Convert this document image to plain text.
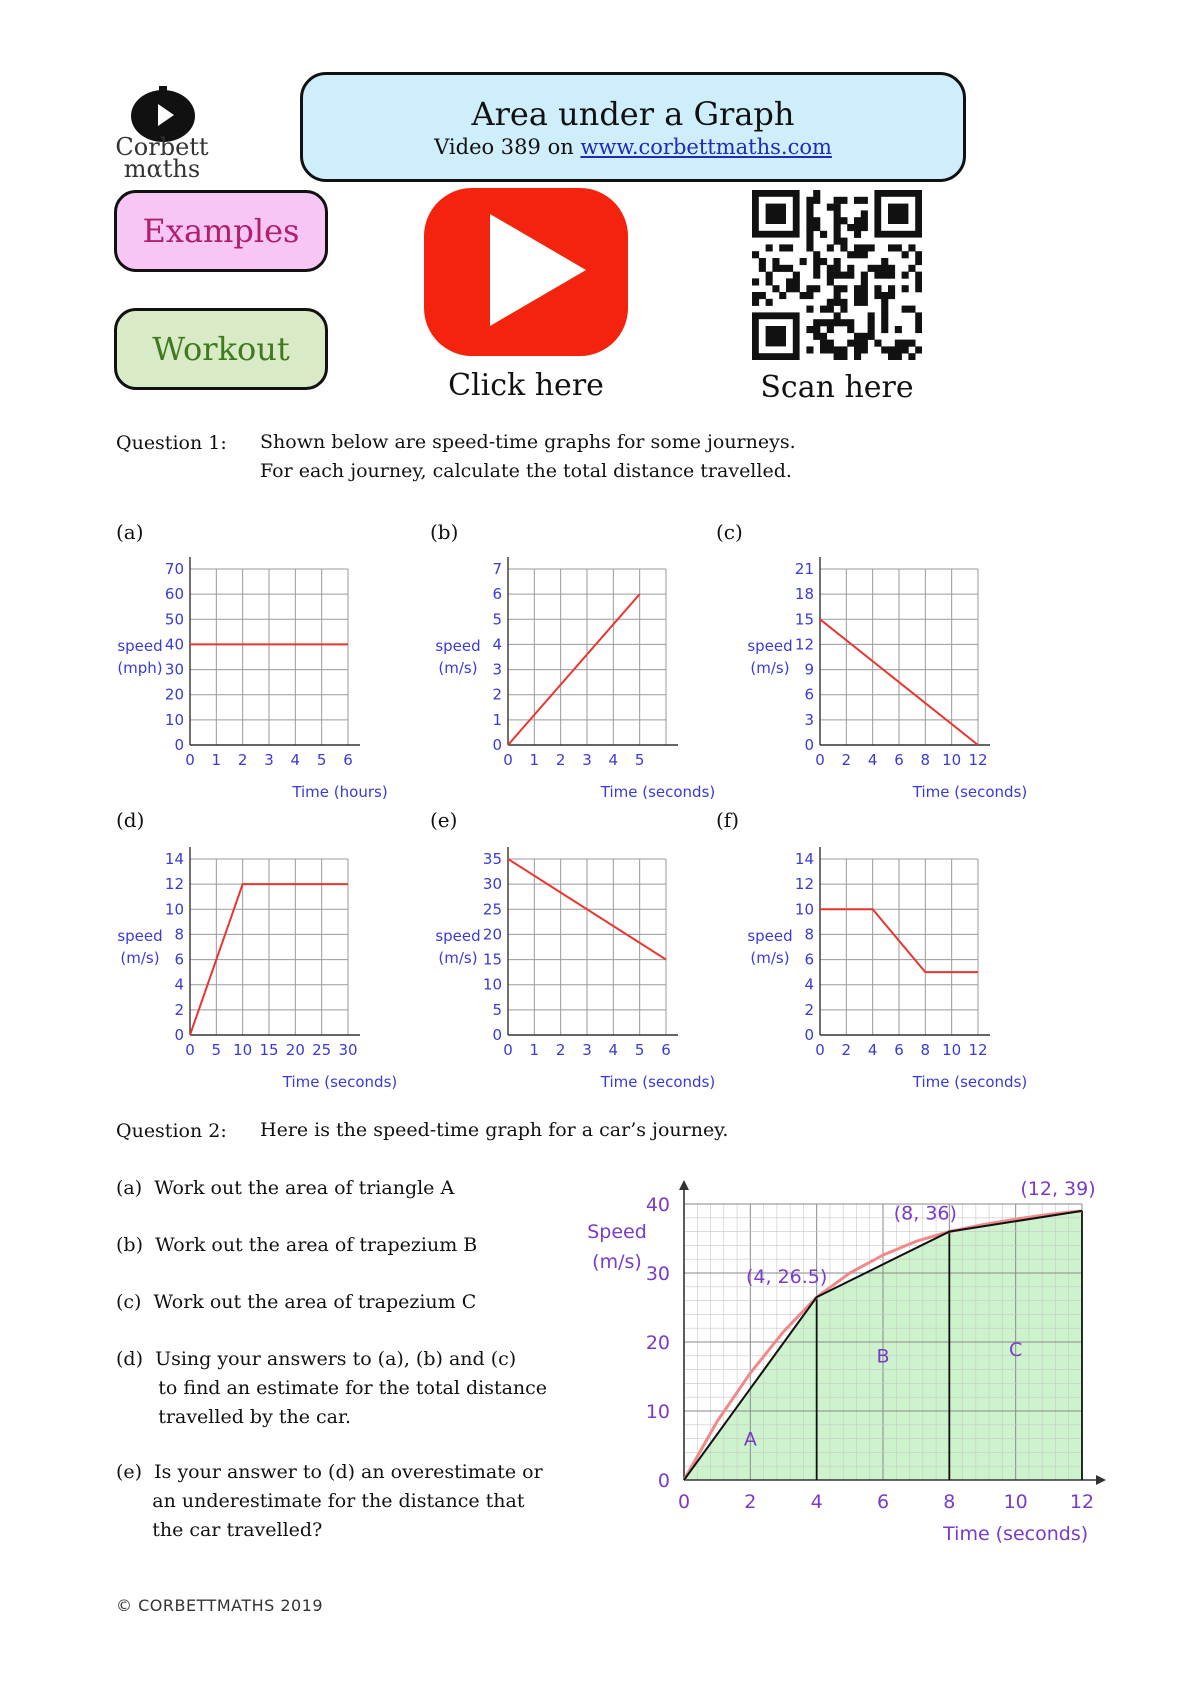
Corbett
mαths
Area under a Graph
Video 389 on www.corbettmaths.com
Examples
Workout
Click here	Scan here
Question 1: Shown below are speed-time graphs for some journeys.
For each journey, calculate the total distance travelled.
(a)	(b)	(c)
(d)	(e)	(f)
0 1 2 3 4 5 6
0
10
20
30
40
50
60
70
speed
(mph)
Time (hours)
0 1 2 3 4 5
0
1
2
3
4
5
6
7
speed
(m/s)
Time (seconds)
0 2 4 6 8 10 12
0
3
6
9
12
15
18
21
speed
(m/s)
Time (seconds)
0 5 10 15 20 25 30
0
2
4
6
8
10
12
14
speed
(m/s)
Time (seconds)
0 1 2 3 4 5 6
0
5
10
15
20
25
30
35
speed
(m/s)
Time (seconds)
0 2 4 6 8 10 12
0
2
4
6
8
10
12
14
speed
(m/s)
Time (seconds)
Question 2: Here is the speed-time graph for a car’s journey.
(a)  Work out the area of triangle A
(b)  Work out the area of trapezium B
(c)  Work out the area of trapezium C
(d)  Using your answers to (a), (b) and (c)
to find an estimate for the total distance
travelled by the car.
(e)  Is your answer to (d) an overestimate or
an underestimate for the distance that
the car travelled?
0	2	4	6	8	10 12
0
10
20
30
40
Speed
(m/s)
Time (seconds)
(4, 26.5)
(8, 36)
(12, 39)
A
B	C
© CORBETTMATHS 2019
